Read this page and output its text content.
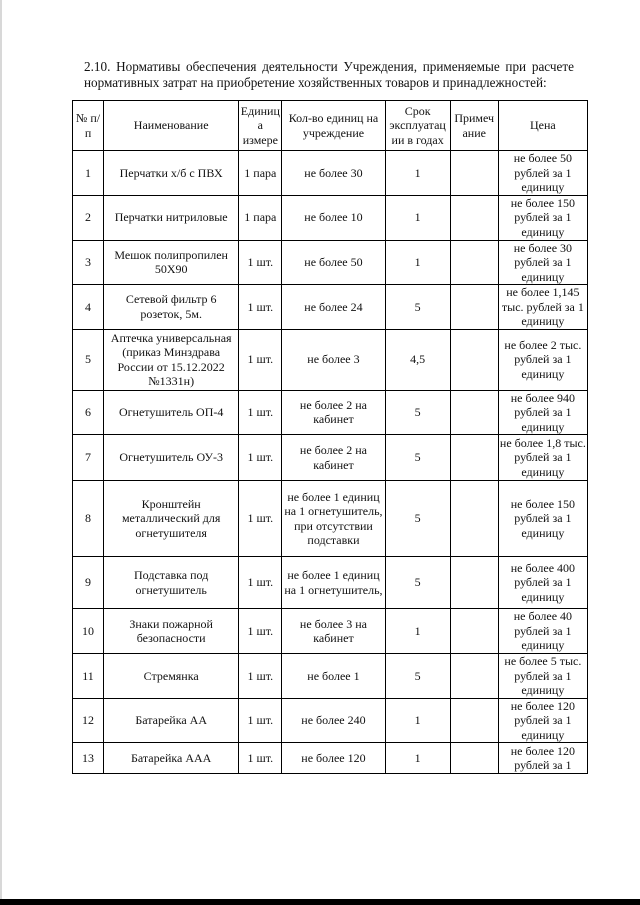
2.10. Нормативы обеспечения деятельности Учреждения, применяемые при расчете нормативных затрат на приобретение хозяйственных товаров и принадлежностей:

№ п/п	Наименование	Единиц а измере	Кол-во единиц на учреждение	Срок эксплуатац ии в годах	Примеч ание	Цена
1	Перчатки х/б с ПВХ	1 пара	не более 30	1		не более 50 рублей за 1 единицу
2	Перчатки нитриловые	1 пара	не более 10	1		не более 150 рублей за 1 единицу
3	Мешок полипропилен 50Х90	1 шт.	не более 50	1		не более 30 рублей за 1 единицу
4	Сетевой фильтр 6 розеток, 5м.	1 шт.	не более 24	5		не более 1,145 тыс. рублей за 1 единицу
5	Аптечка универсальная (приказ Минздрава России от 15.12.2022 №1331н)	1 шт.	не более 3	4,5		не более 2 тыс. рублей за 1 единицу
6	Огнетушитель ОП-4	1 шт.	не более 2 на кабинет	5		не более 940 рублей за 1 единицу
7	Огнетушитель ОУ-3	1 шт.	не более 2 на кабинет	5		не более 1,8 тыс. рублей за 1 единицу
8	Кронштейн металлический для огнетушителя	1 шт.	не более 1 единиц на 1 огнетушитель, при отсутствии подставки	5		не более 150 рублей за 1 единицу
9	Подставка под огнетушитель	1 шт.	не более 1 единиц на 1 огнетушитель,	5		не более 400 рублей за 1 единицу
10	Знаки пожарной безопасности	1 шт.	не более 3 на кабинет	1		не более 40 рублей за 1 единицу
11	Стремянка	1 шт.	не более 1	5		не более 5 тыс. рублей за 1 единицу
12	Батарейка АА	1 шт.	не более 240	1		не более 120 рублей за 1 единицу
13	Батарейка ААА	1 шт.	не более 120	1		не более 120 рублей за 1
